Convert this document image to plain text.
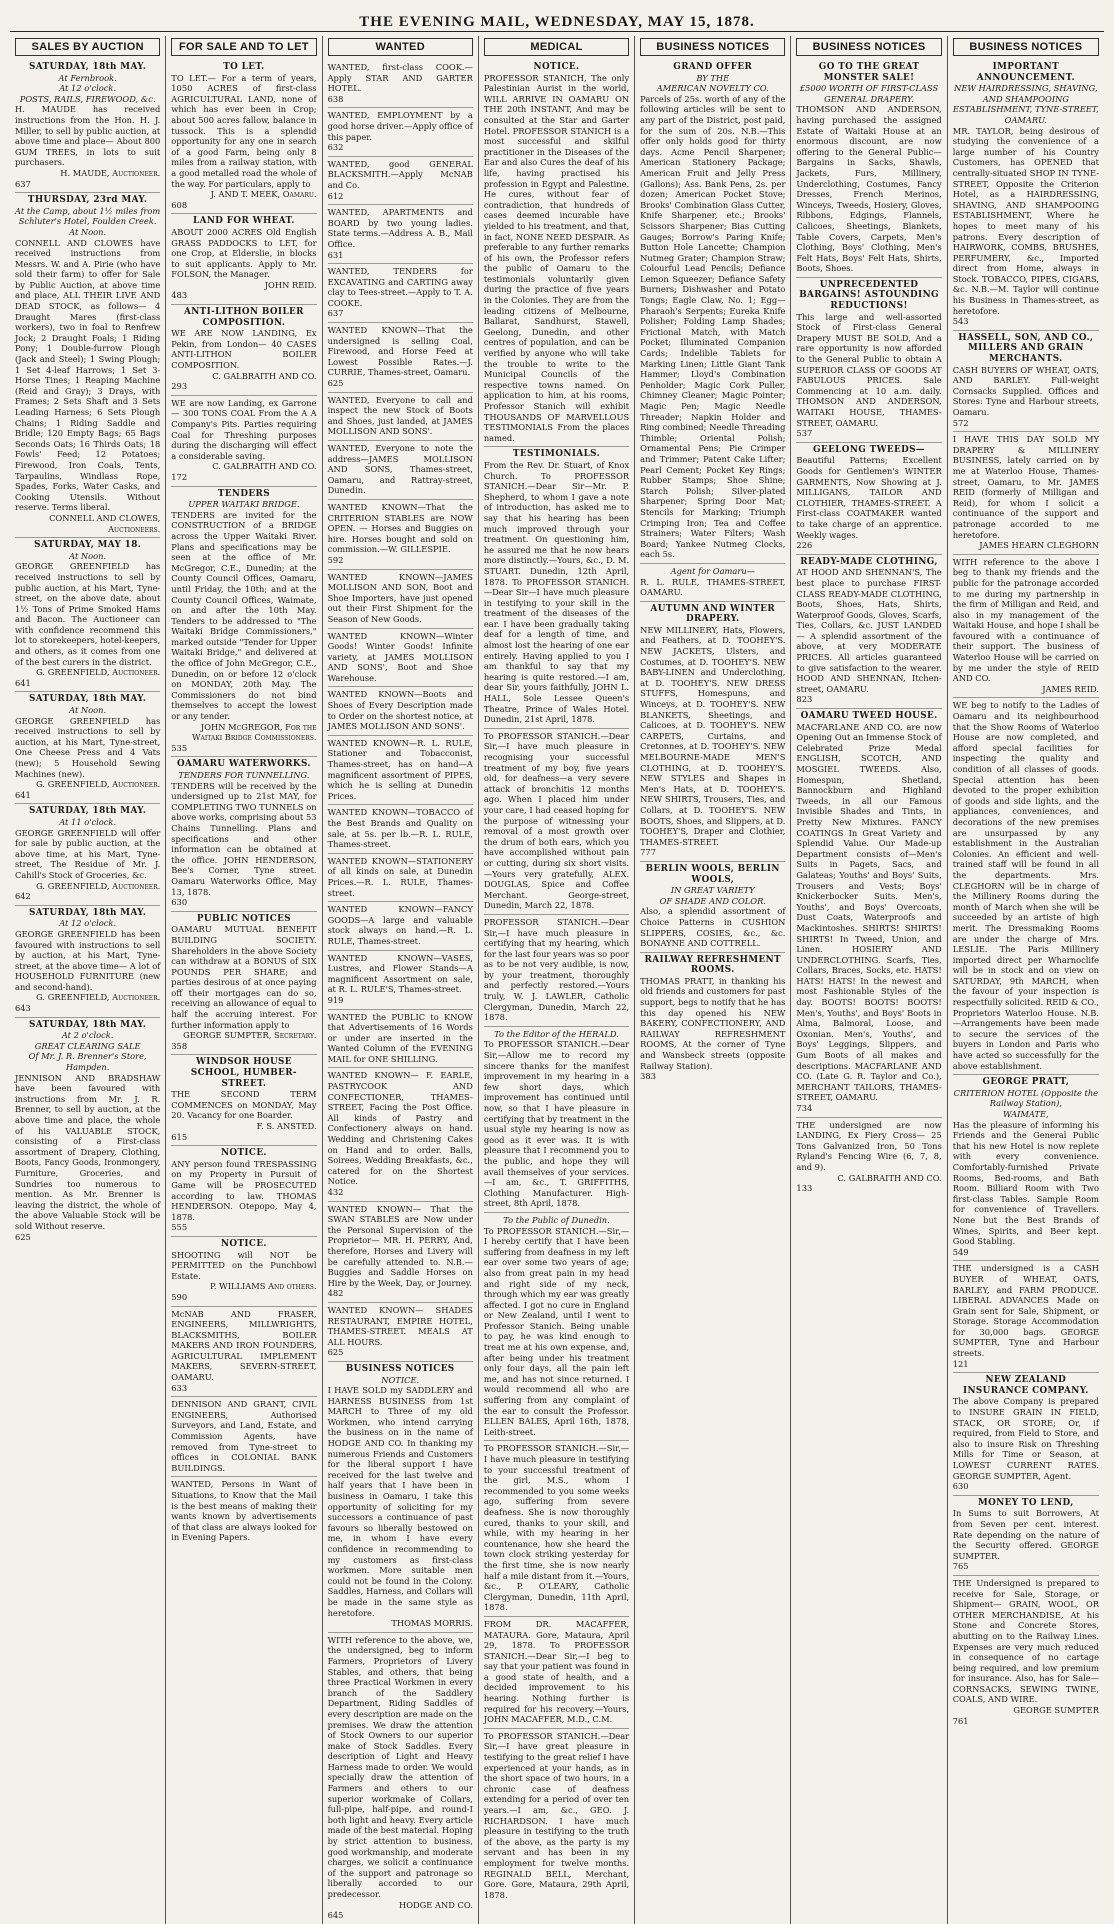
THE EVENING MAIL, WEDNESDAY, MAY 15, 1878.
SALES BY AUCTION
SATURDAY, 18th MAY.
At Fernbrook.
At 12 o'clock.
POSTS, RAILS, FIREWOOD, &c.

H. MAUDE has received instructions from the Hon. H. J. Miller, to sell by public auction, at above time and place— About 800 GUM TREES, in lots to suit purchasers.

H. MAUDE, Auctioneer.
637
THURSDAY, 23rd MAY.
At the Camp, about 1½ miles from Schluter's Hotel, Foulden Creek.
At Noon.

CONNELL AND CLOWES have received instructions from Messrs. W. and A. Pirie (who have sold their farm) to offer for Sale by Public Auction, at above time and place, ALL THEIR LIVE AND DEAD STOCK, as follows— 4 Draught Mares (first-class workers), two in foal to Renfrew Jock; 2 Draught Foals; 1 Riding Pony; 1 Double-furrow Plough (Jack and Steel); 1 Swing Plough; 1 Set 4-leaf Harrows; 1 Set 3-Horse Tines; 1 Reaping Machine (Reid and Gray); 3 Drays, with Frames; 2 Sets Shaft and 3 Sets Leading Harness; 6 Sets Plough Chains; 1 Riding Saddle and Bridle; 120 Empty Bags; 65 Bags Seconds Oats; 16 Thirds Oats; 18 Fowls' Feed; 12 Potatoes; Firewood, Iron Coals, Tents, Tarpaulins, Windlass Rope, Spades, Forks, Water Casks, and Cooking Utensils. Without reserve. Terms liberal.

CONNELL AND CLOWES, Auctioneers.
SATURDAY, MAY 18.
At Noon.

GEORGE GREENFIELD has received instructions to sell by public auction, at his Mart, Tyne-street, on the above date, about 1½ Tons of Prime Smoked Hams and Bacon. The Auctioneer can with confidence recommend this lot to storekeepers, hotel-keepers, and others, as it comes from one of the best curers in the district.

G. GREENFIELD, Auctioneer.
641
SATURDAY, 18th MAY.
At Noon.

GEORGE GREENFIELD has received instructions to sell by auction, at his Mart, Tyne-street, One Cheese Press and 4 Vats (new); 5 Household Sewing Machines (new).

G. GREENFIELD, Auctioneer.
641
SATURDAY, 18th MAY.
At 11 o'clock.

GEORGE GREENFIELD will offer for sale by public auction, at the above time, at his Mart, Tyne-street, The Residue of Mr. J. Cahill's Stock of Groceries, &c.

G. GREENFIELD, Auctioneer.
642
SATURDAY, 18th MAY.
At 12 o'clock.

GEORGE GREENFIELD has been favoured with instructions to sell by auction, at his Mart, Tyne-street, at the above time— A lot of HOUSEHOLD FURNITURE (new and second-hand).

G. GREENFIELD, Auctioneer.
643
SATURDAY, 18th MAY.
At 2 o'clock.
GREAT CLEARING SALE
Of Mr. J. R. Brenner's Store, Hampden.

JENNISON AND BRADSHAW have been favoured with instructions from Mr. J. R. Brenner, to sell by auction, at the above time and place, the whole of his VALUABLE STOCK, consisting of a First-class assortment of Drapery, Clothing, Boots, Fancy Goods, Ironmongery, Furniture, Groceries, and Sundries too numerous to mention. As Mr. Brenner is leaving the district, the whole of the above Valuable Stock will be sold Without reserve.

625
FOR SALE AND TO LET
TO LET.

TO LET.— For a term of years, 1050 ACRES of first-class AGRICULTURAL LAND, none of which has ever been in Crop; about 500 acres fallow, balance in tussock. This is a splendid opportunity for any one in search of a good Farm, being only 8 miles from a railway station, with a good metalled road the whole of the way. For particulars, apply to

J. AND T. MEEK, Oamaru.
608
LAND FOR WHEAT.

ABOUT 2000 ACRES Old English GRASS PADDOCKS to LET, for one Crop, at Elderslie, in blocks to suit applicants. Apply to Mr. FOLSON, the Manager.

JOHN REID.
483
ANTI-LITHON BOILER COMPOSITION.

WE ARE NOW LANDING, Ex Pekin, from London— 40 CASES ANTI-LITHON BOILER COMPOSITION.

C. GALBRAITH AND CO.
293

WE are now Landing, ex Garrone— 300 TONS COAL From the A A Company's Pits. Parties requiring Coal for Threshing purposes during the discharging will effect a considerable saving.

C. GALBRAITH AND CO.
172
TENDERS
UPPER WAITAKI BRIDGE.

TENDERS are invited for the CONSTRUCTION of a BRIDGE across the Upper Waitaki River. Plans and specifications may be seen at the office of Mr. McGregor, C.E., Dunedin; at the County Council Offices, Oamaru, until Friday, the 10th; and at the County Council Offices, Waimate, on and after the 10th May. Tenders to be addressed to "The Waitaki Bridge Commissioners," marked outside "Tender for Upper Waitaki Bridge," and delivered at the office of John McGregor, C.E., Dunedin, on or before 12 o'clock on MONDAY, 20th May. The Commissioners do not bind themselves to accept the lowest or any tender.

JOHN McGREGOR, For the Waitaki Bridge Commissioners.
535
OAMARU WATERWORKS.
TENDERS FOR TUNNELLING.

TENDERS will be received by the undersigned up to 21st MAY, for COMPLETING TWO TUNNELS on above works, comprising about 53 Chains Tunnelling. Plans and specifications and other information can be obtained at the office. JOHN HENDERSON, Bee's Corner, Tyne street. Oamaru Waterworks Office, May 13, 1878.

630
PUBLIC NOTICES

OAMARU MUTUAL BENEFIT BUILDING SOCIETY. Shareholders in the above Society can withdraw at a BONUS of SIX POUNDS PER SHARE; and parties desirous of at once paying off their mortgages can do so, receiving an allowance of equal to half the accruing interest. For further information apply to

GEORGE SUMPTER, Secretary.
358
WINDSOR HOUSE SCHOOL, HUMBER-STREET.

THE SECOND TERM COMMENCES on MONDAY, May 20. Vacancy for one Boarder.

F. S. ANSTED.
615
NOTICE.

ANY person found TRESPASSING on my Property in Pursuit of Game will be PROSECUTED according to law. THOMAS HENDERSON. Otepopo, May 4, 1878.

555
NOTICE.

SHOOTING will NOT be PERMITTED on the Punchbowl Estate.

P. WILLIAMS And others.
590

McNAB AND FRASER, ENGINEERS, MILLWRIGHTS, BLACKSMITHS, BOILER MAKERS AND IRON FOUNDERS, AGRICULTURAL IMPLEMENT MAKERS, SEVERN-STREET, OAMARU.

633

DENNISON AND GRANT, CIVIL ENGINEERS, Authorised Surveyors, and Land, Estate, and Commission Agents, have removed from Tyne-street to offices in COLONIAL BANK BUILDINGS.

WANTED, Persons in Want of Situations, to Know that the Mail is the best means of making their wants known by advertisements of that class are always looked for in Evening Papers.

WANTED

WANTED, first-class COOK.—Apply STAR AND GARTER HOTEL.

638

WANTED, EMPLOYMENT by a good horse driver.—Apply office of this paper.

632

WANTED, good GENERAL BLACKSMITH.—Apply McNAB and Co.

612

WANTED, APARTMENTS and BOARD by two young ladies. State terms.—Address A. B., Mail Office.

631

WANTED, TENDERS for EXCAVATING and CARTING away clay to Tees-street.—Apply to T. A. COOKE.

637

WANTED KNOWN—That the undersigned is selling Coal, Firewood, and Horse Feed at Lowest Possible Rates.—J. CURRIE, Thames-street, Oamaru.

625

WANTED, Everyone to call and inspect the new Stock of Boots and Shoes, just landed, at JAMES MOLLISON AND SONS'.

WANTED, Everyone to note the address—JAMES MOLLISON AND SONS, Thames-street, Oamaru, and Rattray-street, Dunedin.

WANTED KNOWN—That the CRITERION STABLES are NOW OPEN. — Horses and Buggies on hire. Horses bought and sold on commission.—W. GILLESPIE.

592

WANTED KNOWN—JAMES MOLLISON AND SON, Boot and Shoe Importers, have just opened out their First Shipment for the Season of New Goods.

WANTED KNOWN—Winter Goods! Winter Goods! Infinite variety, at JAMES MOLLISON AND SONS', Boot and Shoe Warehouse.

WANTED KNOWN—Boots and Shoes of Every Description made to Order on the shortest notice, at JAMES MOLLISON AND SONS'.

WANTED KNOWN—R. L. RULE, Stationer and Tobacconist, Thames-street, has on hand—A magnificent assortment of PIPES, which he is selling at Dunedin Prices.

WANTED KNOWN—TOBACCO of the Best Brands and Quality on sale, at 5s. per lb.—R. L. RULE, Thames-street.

WANTED KNOWN—STATIONERY of all kinds on sale, at Dunedin Prices.—R. L. RULE, Thames-street.

WANTED KNOWN—FANCY GOODS—A large and valuable stock always on hand.—R. L. RULE, Thames-street.

WANTED KNOWN—VASES, Lustres, and Flower Stands—A magnificent Assortment on sale, at R. L. RULE'S, Thames-street.

919

WANTED the PUBLIC to KNOW that Advertisements of 16 Words or under are inserted in the Wanted Column of the EVENING MAIL for ONE SHILLING.

WANTED KNOWN— F. EARLE, PASTRYCOOK AND CONFECTIONER, THAMES-STREET, Facing the Post Office. All kinds of Pastry and Confectionery always on hand. Wedding and Christening Cakes on Hand and to order. Balls, Soirees, Wedding Breakfasts, &c., catered for on the Shortest Notice.

432

WANTED KNOWN— That the SWAN STABLES are Now under the Personal Supervision of the Proprietor— MR. H. PERRY, And, therefore, Horses and Livery will be carefully attended to. N.B.—Buggies and Saddle Horses on Hire by the Week, Day, or Journey.

482

WANTED KNOWN— SHADES RESTAURANT, EMPIRE HOTEL, THAMES-STREET. MEALS AT ALL HOURS.

625
BUSINESS NOTICES
NOTICE.

I HAVE SOLD my SADDLERY and HARNESS BUSINESS from 1st MARCH to Three of my old Workmen, who intend carrying the business on in the name of HODGE AND CO. In thanking my numerous Friends and Customers for the liberal support I have received for the last twelve and half years that I have been in business in Oamaru, I take this opportunity of soliciting for my successors a continuance of past favours so liberally bestowed on me, in whom I have every confidence in recommending to my customers as first-class workmen. More suitable men could not be found in the Colony. Saddles, Harness, and Collars will be made in the same style as heretofore.

THOMAS MORRIS.

WITH reference to the above, we, the undersigned, beg to inform Farmers, Proprietors of Livery Stables, and others, that being three Practical Workmen in every branch of the Saddlery Department, Riding Saddles of every description are made on the premises. We draw the attention of Stock Owners to our superior make of Stock Saddles. Every description of Light and Heavy Harness made to order. We would specially draw the attention of Farmers and others to our superior workmake of Collars, full-pipe, half-pipe, and round-I both light and heavy. Every article made of the best material. Hoping by strict attention to business, good workmanship, and moderate charges, we solicit a continuance of the support and patronage so liberally accorded to our predecessor.

HODGE AND CO.
645
MEDICAL
NOTICE.

PROFESSOR STANICH, The only Palestinian Aurist in the world, WILL ARRIVE IN OAMARU ON THE 20th INSTANT, And may be consulted at the Star and Garter Hotel. PROFESSOR STANICH is a most successful and skilful practitioner in the Diseases of the Ear and also Cures the deaf of his life, having practised his profession in Egypt and Palestine. He cures, without fear of contradiction, that hundreds of cases deemed incurable have yielded to his treatment, and that, in fact, NONE NEED DESPAIR. As preferable to any further remarks of his own, the Professor refers the public of Oamaru to the testimonials voluntarily given during the practice of five years in the Colonies. They are from the leading citizens of Melbourne, Ballarat, Sandhurst, Stawell, Geelong, Dunedin, and other centres of population, and can be verified by anyone who will take the trouble to write to the Municipal Councils of the respective towns named. On application to him, at his rooms, Professor Stanich will exhibit THOUSANDS OF MARVELLOUS TESTIMONIALS From the places named.

TESTIMONIALS.

From the Rev. Dr. Stuart, of Knox Church. To PROFESSOR STANICH.—Dear Sir—Mr. P. Shepherd, to whom I gave a note of introduction, has asked me to say that his hearing has been much improved through your treatment. On questioning him, he assured me that he now hears more distinctly.—Yours, &c., D. M. STUART. Dunedin, 12th April, 1878. To PROFESSOR STANICH.—Dear Sir—I have much pleasure in testifying to your skill in the treatment of the diseases of the ear. I have been gradually taking deaf for a length of time, and almost lost the hearing of one ear entirely. Having applied to you I am thankful to say that my hearing is quite restored.—I am, dear Sir, yours faithfully, JOHN L. HALL, Sole Lessee Queen's Theatre, Prince of Wales Hotel. Dunedin, 21st April, 1878.

To PROFESSOR STANICH.—Dear Sir,—I have much pleasure in recognising your successful treatment of my boy, five years old, for deafness—a very severe attack of bronchitis 12 months ago. When I placed him under your care, I had ceased hoping for the purpose of witnessing your removal of a most growth over the drum of both ears, which you have accomplished without pain or cutting, during six short visits.—Yours very gratefully, ALEX. DOUGLAS, Spice and Coffee Merchant. George-street, Dunedin, March 22, 1878.

PROFESSOR STANICH.—Dear Sir,—I have much pleasure in certifying that my hearing, which for the last four years was so poor as to be not very audible, is now, by your treatment, thoroughly and perfectly restored.—Yours truly, W. J. LAWLER, Catholic Clergyman, Dunedin, March 22, 1878.

To the Editor of the HERALD.

To PROFESSOR STANICH.—Dear Sir,—Allow me to record my sincere thanks for the manifest improvement in my hearing in a few short days, which improvement has continued until now, so that I have pleasure in certifying that by treatment in the usual style my hearing is now as good as it ever was. It is with pleasure that I recommend you to the public, and hope they will avail themselves of your services.—I am, &c., T. GRIFFITHS, Clothing Manufacturer. High-street, 8th April, 1878.

To the Public of Dunedin.

To PROFESSOR STANICH.—Sir,—I hereby certify that I have been suffering from deafness in my left ear over some two years of age; also from great pain in my head and right side of my neck, through which my ear was greatly affected. I got no cure in England or New Zealand, until I went to Professor Stanich. Being unable to pay, he was kind enough to treat me at his own expense, and, after being under his treatment only four days, all the pain left me, and has not since returned. I would recommend all who are suffering from any complaint of the ear to consult the Professor. ELLEN BALES, April 16th, 1878, Leith-street.

To PROFESSOR STANICH.—Sir,—I have much pleasure in testifying to your successful treatment of the girl, M.S., whom I recommended to you some weeks ago, suffering from severe deafness. She is now thoroughly cured, thanks to your skill, and while, with my hearing in her countenance, how she heard the town clock striking yesterday for the first time, she is now nearly half a mile distant from it.—Yours, &c., P. O'LEARY, Catholic Clergyman, Dunedin, 11th April, 1878.

FROM DR. MACAFFER, MATAURA. Gore, Mataura, April 29, 1878. To PROFESSOR STANICH.—Dear Sir,—I beg to say that your patient was found in a good state of health, and a decided improvement to his hearing. Nothing further is required for his recovery.—Yours, JOHN MACAFFER, M.D., C.M.

To PROFESSOR STANICH.—Dear Sir,—I have great pleasure in testifying to the great relief I have experienced at your hands, as in the short space of two hours, in a chronic case of deafness extending for a period of over ten years.—I am, &c., GEO. J. RICHARDSON. I have much pleasure in testifying to the truth of the above, as the party is my servant and has been in my employment for twelve months. REGINALD BELL, Merchant, Gore. Gore, Mataura, 29th April, 1878.

BUSINESS NOTICES
GRAND OFFER
BY THE
AMERICAN NOVELTY CO.

Parcels of 25s. worth of any of the following articles will be sent to any part of the District, post paid, for the sum of 20s. N.B.—This offer only holds good for thirty days. Acme Pencil Sharpener; American Stationery Package; American Fruit and Jelly Press (Gallons); Ass. Bank Pens, 2s. per dozen; American Pocket Stove; Brooks' Combination Glass Cutter, Knife Sharpener, etc.; Brooks' Scissors Sharpener; Bias Cutting Gauges; Borrow's Paring Knife; Button Hole Lancette; Champion Nutmeg Grater; Champion Straw; Colourful Lead Pencils; Defiance Lemon Squeezer; Defiance Safety Burners; Dishwasher and Potato Tongs; Eagle Claw, No. 1; Egg—Pharaoh's Serpents; Eureka Knife Polisher; Folding Lamp Shades; Frictional Match, with Match Pocket; Illuminated Companion Cards; Indelible Tablets for Marking Linen; Little Giant Tank Hammer; Lloyd's Combination Penholder; Magic Cork Puller, Chimney Cleaner; Magic Pointer; Magic Pen; Magic Needle Threader; Napkin Holder and Ring combined; Needle Threading Thimble; Oriental Polish; Ornamental Pens; Pie Crimper and Trimmer; Patent Cake Lifter; Pearl Cement; Pocket Key Rings; Rubber Stamps; Shoe Shine; Starch Polish; Silver-plated Sharpener; Spring Door Mat; Stencils for Marking; Triumph Crimping Iron; Tea and Coffee Strainers; Water Filters; Wash Board; Yankee Nutmeg Clocks, each 5s.

Agent for Oamaru—

R. L. RULE, THAMES-STREET, OAMARU.

AUTUMN AND WINTER DRAPERY.

NEW MILLINERY, Hats, Flowers, and Feathers, at D. TOOHEY'S. NEW JACKETS, Ulsters, and Costumes, at D. TOOHEY'S. NEW BABY-LINEN and Underclothing, at D. TOOHEY'S. NEW DRESS STUFFS, Homespuns, and Winceys, at D. TOOHEY'S. NEW BLANKETS, Sheetings, and Calicoes, at D. TOOHEY'S. NEW CARPETS, Curtains, and Cretonnes, at D. TOOHEY'S. NEW MELBOURNE-MADE MEN'S CLOTHING, at D. TOOHEY'S. NEW STYLES and Shapes in Men's Hats, at D. TOOHEY'S. NEW SHIRTS, Trousers, Ties, and Collars, at D. TOOHEY'S. NEW BOOTS, Shoes, and Slippers, at D. TOOHEY'S, Draper and Clothier, THAMES-STREET.

777
BERLIN WOOLS, BERLIN WOOLS,
IN GREAT VARIETY
OF SHADE AND COLOR.

Also, a splendid assortment of Choice Patterns in CUSHION SLIPPERS, COSIES, &c., &c. BONAYNE AND COTTRELL.

RAILWAY REFRESHMENT ROOMS.

THOMAS PRATT, in thanking his old friends and customers for past support, begs to notify that he has this day opened his NEW BAKERY, CONFECTIONERY, AND RAILWAY REFRESHMENT ROOMS, At the corner of Tyne and Wansbeck streets (opposite Railway Station).

383
BUSINESS NOTICES
GO TO THE GREAT MONSTER SALE!
£5000 WORTH OF FIRST-CLASS GENERAL DRAPERY.

THOMSON AND ANDERSON, having purchased the assigned Estate of Waitaki House at an enormous discount, are now offering to the General Public— Bargains in Sacks, Shawls, Jackets, Furs, Millinery, Underclothing, Costumes, Fancy Dresses, French Merinos, Winceys, Tweeds, Hosiery, Gloves, Ribbons, Edgings, Flannels, Calicoes, Sheetings, Blankets, Table Covers, Carpets, Men's Clothing, Boys' Clothing, Men's Felt Hats, Boys' Felt Hats, Shirts, Boots, Shoes.

UNPRECEDENTED BARGAINS! ASTOUNDING REDUCTIONS!

This large and well-assorted Stock of First-class General Drapery MUST BE SOLD, And a rare opportunity is now afforded to the General Public to obtain A SUPERIOR CLASS OF GOODS AT FABULOUS PRICES. Sale Commencing at 10 a.m. daily. THOMSON AND ANDERSON, WAITAKI HOUSE, THAMES-STREET, OAMARU.

537
GEELONG TWEEDS—

Beautiful Patterns; Excellent Goods for Gentlemen's WINTER GARMENTS, Now Showing at J. MILLIGANS, TAILOR AND CLOTHIER, THAMES-STREET. A First-class COATMAKER wanted to take charge of an apprentice. Weekly wages.

226
READY-MADE CLOTHING,

AT HOOD AND SHENNAN'S, The best place to purchase FIRST-CLASS READY-MADE CLOTHING, Boots, Shoes, Hats, Shirts, Waterproof Goods, Gloves, Scarfs, Ties, Collars, &c. JUST LANDED— A splendid assortment of the above, at very MODERATE PRICES. All articles guaranteed to give satisfaction to the wearer. HOOD AND SHENNAN, Itchen-street, OAMARU.

823
OAMARU TWEED HOUSE.

MACFARLANE AND CO. are now Opening Out an Immense Stock of Celebrated Prize Medal ENGLISH, SCOTCH, AND MOSGIEL TWEEDS. Also, Homespun, Shetland, Bannockburn and Highland Tweeds, in all our Famous Invisible Shades and Tints, in Pretty New Mixtures. FANCY COATINGS In Great Variety and Splendid Value. Our Made-up Department consists of—Men's Suits in Pagets, Sacs, and Galateas; Youths' and Boys' Suits, Trousers and Vests; Boys' Knickerbocker Suits. Men's, Youths', and Boys' Overcoats, Dust Coats, Waterproofs and Mackintoshes. SHIRTS! SHIRTS! SHIRTS! In Tweed, Union, and Linen. HOSIERY AND UNDERCLOTHING. Scarfs, Ties, Collars, Braces, Socks, etc. HATS! HATS! HATS! In the newest and most Fashionable Styles of the day. BOOTS! BOOTS! BOOTS! Men's, Youths', and Boys' Boots in Alma, Balmoral, Loose, and Oxonian. Men's, Youths', and Boys' Leggings, Slippers, and Gum Boots of all makes and descriptions. MACFARLANE AND CO. (Late G. R. Taylor and Co.), MERCHANT TAILORS, THAMES-STREET, OAMARU.

734

THE undersigned are now LANDING, Ex Fiery Cross— 25 Tons Galvanized Iron, 50 Tons Ryland's Fencing Wire (6, 7, 8, and 9).

C. GALBRAITH AND CO.
133
BUSINESS NOTICES
IMPORTANT ANNOUNCEMENT.
NEW HAIRDRESSING, SHAVING, AND SHAMPOOING ESTABLISHMENT, TYNE-STREET, OAMARU.

MR. TAYLOR, being desirous of studying the convenience of a large number of his Country Customers, has OPENED that centrally-situated SHOP IN TYNE-STREET, Opposite the Criterion Hotel, as a HAIRDRESSING, SHAVING, AND SHAMPOOING ESTABLISHMENT, Where he hopes to meet many of his patrons. Every description of HAIRWORK, COMBS, BRUSHES, PERFUMERY, &c., Imported direct from Home, always in Stock. TOBACCO, PIPES, CIGARS, &c. N.B.—M. Taylor will continue his Business in Thames-street, as heretofore.

543
HASSELL, SON, AND CO., MILLERS AND GRAIN MERCHANTS.

CASH BUYERS OF WHEAT, OATS, AND BARLEY. Full-weight Cornsacks Supplied. Offices and Stores: Tyne and Harbour streets, Oamaru.

572

I HAVE THIS DAY SOLD MY DRAPERY & MILLINERY BUSINESS, lately carried on by me at Waterloo House, Thames-street, Oamaru, to Mr. JAMES REID (formerly of Milligan and Reid), for whom I solicit a continuance of the support and patronage accorded to me heretofore.

JAMES HEARN CLEGHORN

WITH reference to the above I beg to thank my friends and the public for the patronage accorded to me during my partnership in the firm of Milligan and Reid, and also in my management of the Waitaki House, and hope I shall be favoured with a continuance of their support. The business of Waterloo House will be carried on by me under the style of REID AND CO.

JAMES REID.

WE beg to notify to the Ladies of Oamaru and its neighbourhood that the Show Rooms of Waterloo House are now completed, and afford special facilities for inspecting the quality and condition of all classes of goods. Special attention has been devoted to the proper exhibition of goods and side lights, and the appliances, conveniences, and decorations of the new premises are unsurpassed by any establishment in the Australian Colonies. An efficient and well-trained staff will be found in all the departments. Mrs. CLEGHORN will be in charge of the Millinery Rooms during the month of March when she will be succeeded by an artiste of high merit. The Dressmaking Rooms are under the charge of Mrs. LESLIE. The Paris Millinery imported direct per Wharnoclife will be in stock and on view on SATURDAY, 9th MARCH, when the favour of your inspection is respectfully solicited. REID & CO., Proprietors Waterloo House. N.B.—Arrangements have been made to secure the services of the buyers in London and Paris who have acted so successfully for the above establishment.

GEORGE PRATT,
CRITERION HOTEL (Opposite the Railway Station),
WAIMATE,

Has the pleasure of informing his Friends and the General Public that his new Hotel is now replete with every convenience. Comfortably-furnished Private Rooms, Bed-rooms, and Bath Room. Billiard Room with Two first-class Tables. Sample Room for convenience of Travellers. None but the Best Brands of Wines, Spirits, and Beer kept. Good Stabling.

549

THE undersigned is a CASH BUYER of WHEAT, OATS, BARLEY, and FARM PRODUCE. LIBERAL ADVANCES Made on Grain sent for Sale, Shipment, or Storage. Storage Accommodation for 30,000 bags. GEORGE SUMPTER, Tyne and Harbour streets.

121
NEW ZEALAND INSURANCE COMPANY.

The above Company is prepared to INSURE GRAIN IN FIELD, STACK, OR STORE; Or, if required, from Field to Store, and also to insure Risk on Threshing Mills for Time or Season, at LOWEST CURRENT RATES. GEORGE SUMPTER, Agent.

630
MONEY TO LEND,

In Sums to suit Borrowers, At from Seven per cent. interest. Rate depending on the nature of the Security offered. GEORGE SUMPTER.

765

THE Undersigned is prepared to receive for Sale, Storage, or Shipment— GRAIN, WOOL, OR OTHER MERCHANDISE, At his Stone and Concrete Stores, abutting on to the Railway Lines. Expenses are very much reduced in consequence of no cartage being required, and low premium for insurance. Also, has for Sale— CORNSACKS, SEWING TWINE, COALS, AND WIRE.

GEORGE SUMPTER
761
